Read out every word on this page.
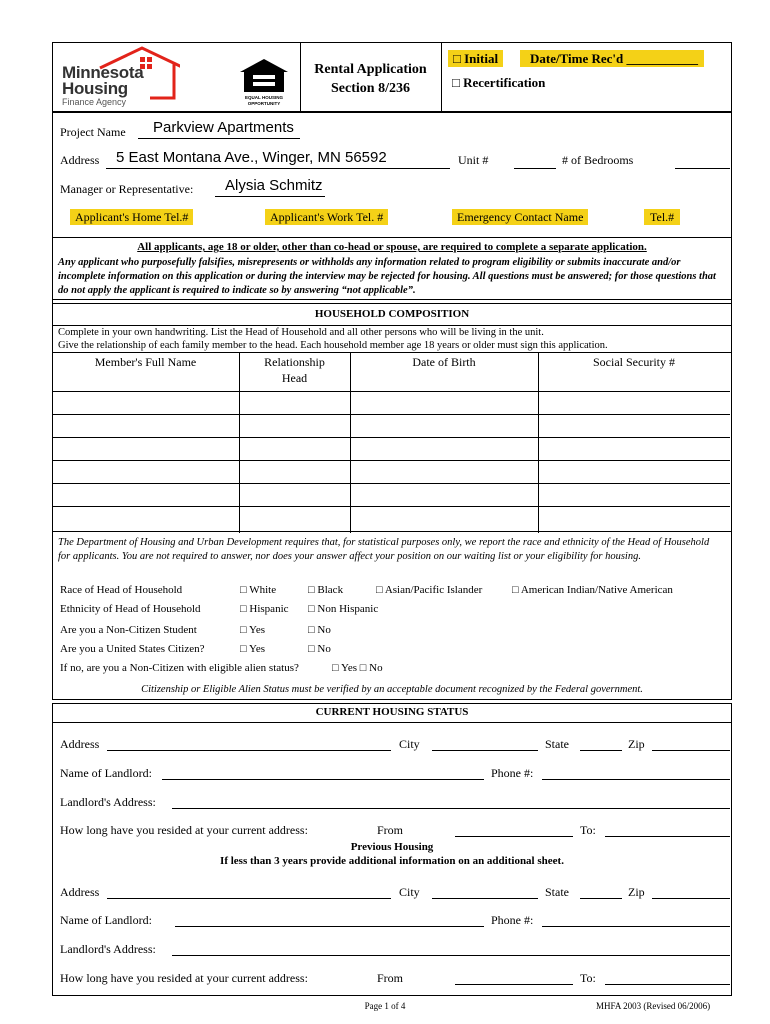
Minnesota
Housing
Finance Agency	EQUAL HOUSING
OPPORTUNITY
Rental Application
Section 8/236
□ Initial	Date/Time Rec'd ___________
□ Recertification
Project Name Parkview Apartments
Address 5 East Montana Ave., Winger, MN 56592	Unit #	# of Bedrooms
Manager or Representative: Alysia Schmitz
Applicant's Home Tel.#	Applicant's Work Tel. #	Emergency Contact Name	Tel.#
All applicants, age 18 or older, other than co-head or spouse, are required to complete a separate application.
Any applicant who purposefully falsifies, misrepresents or withholds any information related to program eligibility or submits inaccurate and/or incomplete information on this application or during the interview may be rejected for housing. All questions must be answered; for those questions that do not apply the applicant is required to indicate so by answering “not applicable”.
HOUSEHOLD COMPOSITION
Complete in your own handwriting. List the Head of Household and all other persons who will be living in the unit.
Give the relationship of each family member to the head. Each household member age 18 years or older must sign this application.
Member's Full Name	Relationship	Date of Birth	Social Security #
Head
The Department of Housing and Urban Development requires that, for statistical purposes only, we report the race and ethnicity of the Head of Household for applicants. You are not required to answer, nor does your answer affect your position on our waiting list or your eligibility for housing.
Race of Head of Household	□ White	□ Black	□ Asian/Pacific Islander	□ American Indian/Native American
Ethnicity of Head of Household	□ Hispanic □ Non Hispanic
Are you a Non-Citizen Student	□ Yes	□ No
Are you a United States Citizen?	□ Yes	□ No
If no, are you a Non-Citizen with eligible alien status?	□ Yes □ No
Citizenship or Eligible Alien Status must be verified by an acceptable document recognized by the Federal government.
CURRENT HOUSING STATUS
Address	City	State	Zip
Name of Landlord:	Phone #:
Landlord's Address:
How long have you resided at your current address:	From	To:
Previous Housing
If less than 3 years provide additional information on an additional sheet.
Address	City	State	Zip
Name of Landlord:	Phone #:
Landlord's Address:
How long have you resided at your current address:	From	To:
Page 1 of 4	MHFA 2003 (Revised 06/2006)
